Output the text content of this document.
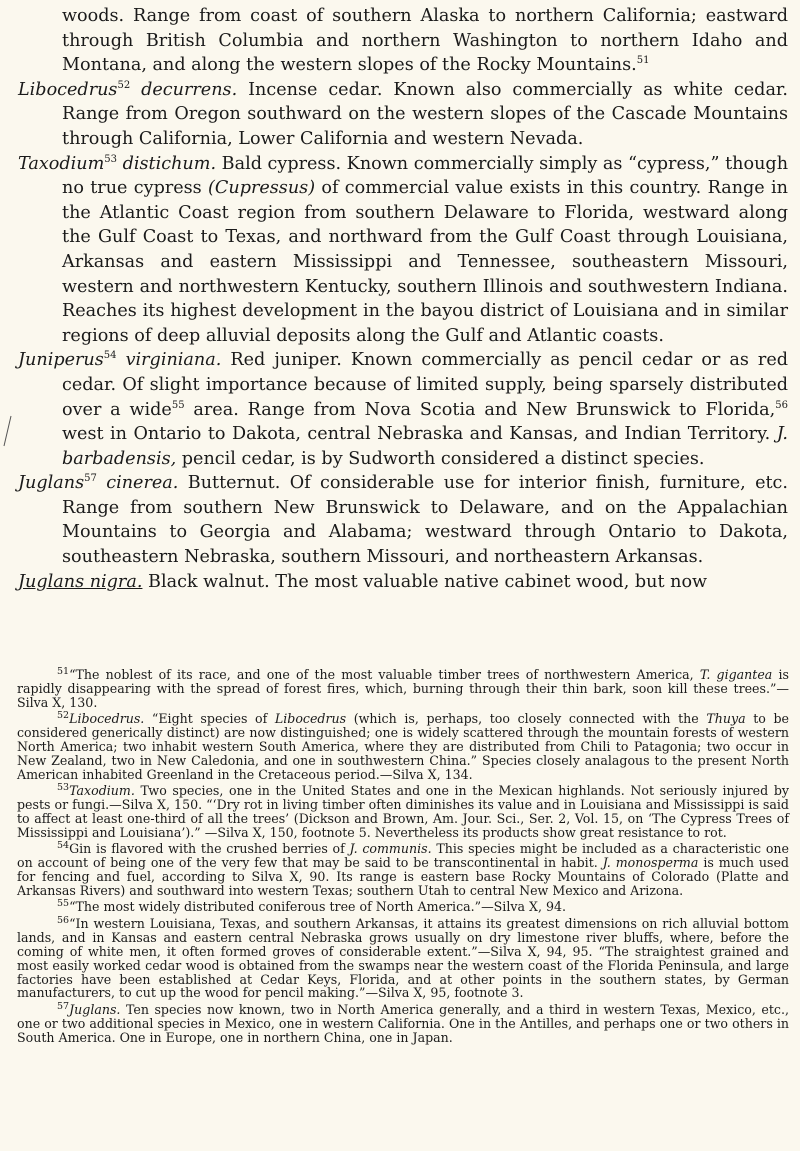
woods. Range from coast of southern Alaska to northern California; eastward through British Columbia and northern Washington to northern Idaho and Montana, and along the western slopes of the Rocky Mountains.$^{51}$

Libocedrus$^{52}$ decurrens. Incense cedar. Known also commercially as white cedar. Range from Oregon southward on the western slopes of the Cascade Mountains through California, Lower California and western Nevada.

Taxodium$^{53}$ distichum. Bald cypress. Known commercially simply as “cypress,” though no true cypress (Cupressus) of commercial value exists in this country. Range in the Atlantic Coast region from southern Delaware to Florida, westward along the Gulf Coast to Texas, and northward from the Gulf Coast through Louisiana, Arkansas and eastern Mississippi and Tennessee, southeastern Missouri, western and northwestern Kentucky, southern Illinois and southwestern Indiana. Reaches its highest development in the bayou district of Louisiana and in similar regions of deep alluvial deposits along the Gulf and Atlantic coasts.

Juniperus$^{54}$ virginiana. Red juniper. Known commercially as pencil cedar or as red cedar. Of slight importance because of limited supply, being sparsely distributed over a wide$^{55}$ area. Range from Nova Scotia and New Brunswick to Florida,$^{56}$ west in Ontario to Dakota, central Nebraska and Kansas, and Indian Territory. J. barbadensis, pencil cedar, is by Sudworth considered a distinct species.

Juglans$^{57}$ cinerea. Butternut. Of considerable use for interior finish, furniture, etc. Range from southern New Brunswick to Delaware, and on the Appalachian Mountains to Georgia and Alabama; westward through Ontario to Dakota, southeastern Nebraska, southern Missouri, and northeastern Arkansas.

Juglans nigra. Black walnut. The most valuable native cabinet wood, but now

$^{51}$“The noblest of its race, and one of the most valuable timber trees of northwestern America, T. gigantea is rapidly disappearing with the spread of forest fires, which, burning through their thin bark, soon kill these trees.”—Silva X, 130.

$^{52}$Libocedrus. “Eight species of Libocedrus (which is, perhaps, too closely connected with the Thuya to be considered generically distinct) are now distinguished; one is widely scattered through the mountain forests of western North America; two inhabit western South America, where they are distributed from Chili to Patagonia; two occur in New Zealand, two in New Caledonia, and one in southwestern China.” Species closely analagous to the present North American inhabited Greenland in the Cretaceous period.—Silva X, 134.

$^{53}$Taxodium. Two species, one in the United States and one in the Mexican highlands. Not seriously injured by pests or fungi.—Silva X, 150. “‘Dry rot in living timber often diminishes its value and in Louisiana and Mississippi is said to affect at least one-third of all the trees’ (Dickson and Brown, Am. Jour. Sci., Ser. 2, Vol. 15, on ‘The Cypress Trees of Mississippi and Louisiana’).” —Silva X, 150, footnote 5. Nevertheless its products show great resistance to rot.

$^{54}$Gin is flavored with the crushed berries of J. communis. This species might be included as a characteristic one on account of being one of the very few that may be said to be transcontinental in habit. J. monosperma is much used for fencing and fuel, according to Silva X, 90. Its range is eastern base Rocky Mountains of Colorado (Platte and Arkansas Rivers) and southward into western Texas; southern Utah to central New Mexico and Arizona.

$^{55}$“The most widely distributed coniferous tree of North America.”—Silva X, 94.

$^{56}$“In western Louisiana, Texas, and southern Arkansas, it attains its greatest dimensions on rich alluvial bottom lands, and in Kansas and eastern central Nebraska grows usually on dry limestone river bluffs, where, before the coming of white men, it often formed groves of considerable extent.”—Silva X, 94, 95. “The straightest grained and most easily worked cedar wood is obtained from the swamps near the western coast of the Florida Peninsula, and large factories have been established at Cedar Keys, Florida, and at other points in the southern states, by German manufacturers, to cut up the wood for pencil making.”—Silva X, 95, footnote 3.

$^{57}$Juglans. Ten species now known, two in North America generally, and a third in western Texas, Mexico, etc., one or two additional species in Mexico, one in western California. One in the Antilles, and perhaps one or two others in South America. One in Europe, one in northern China, one in Japan.
